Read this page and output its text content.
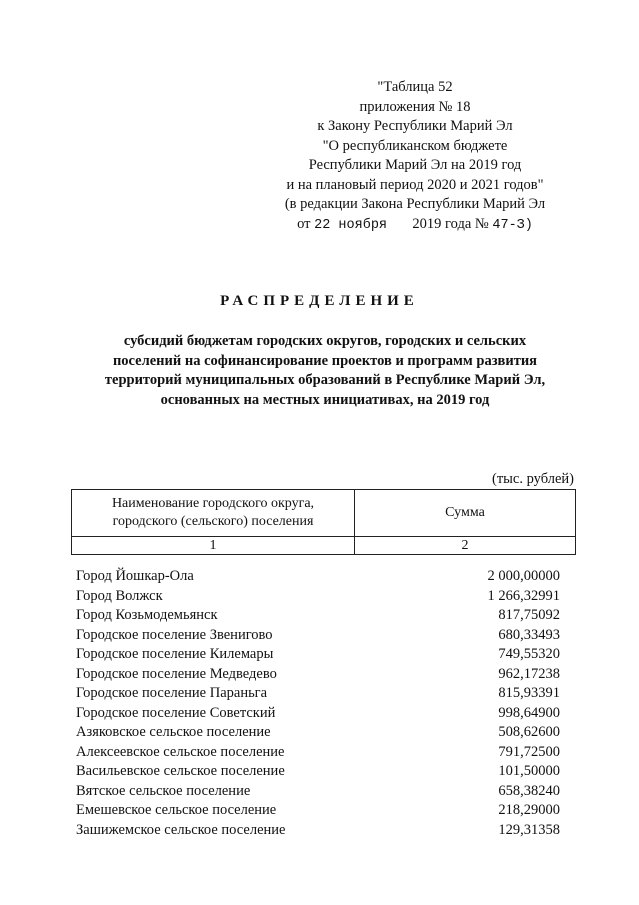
"Таблица 52
приложения № 18
к Закону Республики Марий Эл
"О республиканском бюджете
Республики Марий Эл на 2019 год
и на плановый период 2020 и 2021 годов"
(в редакции Закона Республики Марий Эл
от 22 ноября 2019 года № 47-З)
РАСПРЕДЕЛЕНИЕ
субсидий бюджетам городских округов, городских и сельских
поселений на софинансирование проектов и программ развития
территорий муниципальных образований в Республике Марий Эл,
основанных на местных инициативах, на 2019 год
(тыс. рублей)
Наименование городского округа,
городского (сельского) поселения	Сумма
1	2
Город Йошкар-Ола	2 000,00000
Город Волжск	1 266,32991
Город Козьмодемьянск	817,75092
Городское поселение Звенигово	680,33493
Городское поселение Килемары	749,55320
Городское поселение Медведево	962,17238
Городское поселение Параньга	815,93391
Городское поселение Советский	998,64900
Азяковское сельское поселение	508,62600
Алексеевское сельское поселение	791,72500
Васильевское сельское поселение	101,50000
Вятское сельское поселение	658,38240
Емешевское сельское поселение	218,29000
Зашижемское сельское поселение	129,31358
